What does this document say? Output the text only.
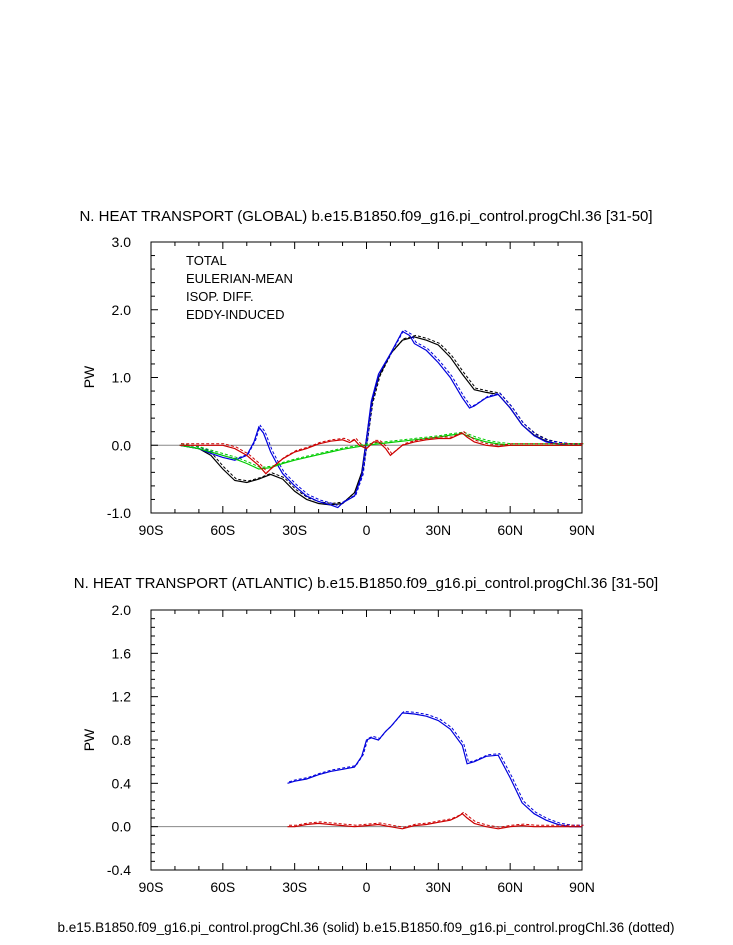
N. HEAT TRANSPORT (GLOBAL) b.e15.B1850.f09_g16.pi_control.progChl.36 [31-50]
PW
TOTAL
EULERIAN-MEAN
ISOP. DIFF.
EDDY-INDUCED
90S	60S	30S	0	30N	60N	90N
-1.0
0.0
1.0
2.0
3.0
N. HEAT TRANSPORT (ATLANTIC) b.e15.B1850.f09_g16.pi_control.progChl.36 [31-50]
PW
90S	60S	30S	0	30N	60N	90N
-0.4
0.0
0.4
0.8
1.2
1.6
2.0
b.e15.B1850.f09_g16.pi_control.progChl.36 (solid) b.e15.B1850.f09_g16.pi_control.progChl.36 (dotted)
